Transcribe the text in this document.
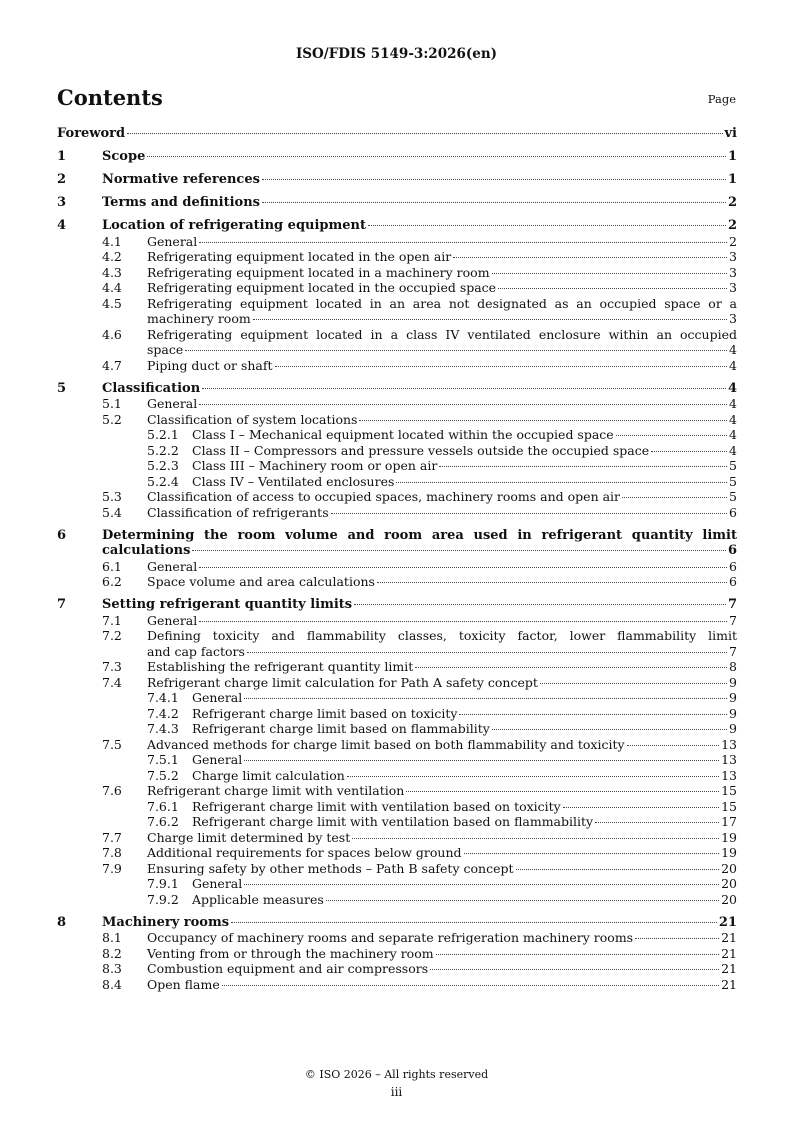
ISO/FDIS 5149-3:2026(en)
Contents	Page
Foreword	vi
1	Scope	1
2	Normative references	1
3	Terms and definitions	2
4	Location of refrigerating equipment	2
4.1	General	2
4.2	Refrigerating equipment located in the open air	3
4.3	Refrigerating equipment located in a machinery room	3
4.4	Refrigerating equipment located in the occupied space	3
4.5	Refrigerating equipment located in an area not designated as an occupied space or a
machinery room	3
4.6	Refrigerating equipment located in a class IV ventilated enclosure within an occupied
space	4
4.7	Piping duct or shaft	4
5	Classification	4
5.1	General	4
5.2	Classification of system locations	4
5.2.1	Class I – Mechanical equipment located within the occupied space	4
5.2.2	Class II – Compressors and pressure vessels outside the occupied space	4
5.2.3	Class III – Machinery room or open air	5
5.2.4	Class IV – Ventilated enclosures	5
5.3	Classification of access to occupied spaces, machinery rooms and open air	5
5.4	Classification of refrigerants	6
6	Determining the room volume and room area used in refrigerant quantity limit
calculations	6
6.1	General	6
6.2	Space volume and area calculations	6
7	Setting refrigerant quantity limits	7
7.1	General	7
7.2	Defining toxicity and flammability classes, toxicity factor, lower flammability limit
and cap factors	7
7.3	Establishing the refrigerant quantity limit	8
7.4	Refrigerant charge limit calculation for Path A safety concept	9
7.4.1	General	9
7.4.2	Refrigerant charge limit based on toxicity	9
7.4.3	Refrigerant charge limit based on flammability	9
7.5	Advanced methods for charge limit based on both flammability and toxicity	13
7.5.1	General	13
7.5.2	Charge limit calculation	13
7.6	Refrigerant charge limit with ventilation	15
7.6.1	Refrigerant charge limit with ventilation based on toxicity	15
7.6.2	Refrigerant charge limit with ventilation based on flammability	17
7.7	Charge limit determined by test	19
7.8	Additional requirements for spaces below ground	19
7.9	Ensuring safety by other methods – Path B safety concept	20
7.9.1	General	20
7.9.2	Applicable measures	20
8	Machinery rooms	21
8.1	Occupancy of machinery rooms and separate refrigeration machinery rooms	21
8.2	Venting from or through the machinery room	21
8.3	Combustion equipment and air compressors	21
8.4	Open flame	21
© ISO 2026 – All rights reserved
iii
